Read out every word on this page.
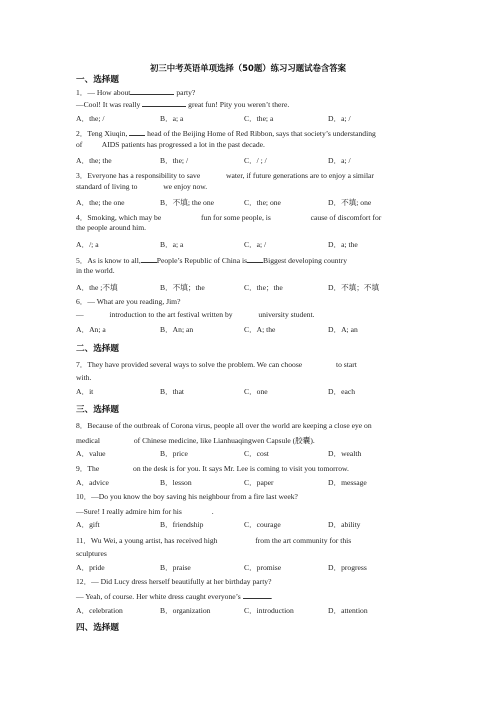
初三中考英语单项选择（50题）练习习题试卷含答案
一、选择题
1．— How about	party?
—Cool! It was really	great fun! Pity you weren’t there.
A．the; /	B．a; a	C．the; a	D．a; /
2．Teng Xiuqin,	head of the Beijing Home of Red Ribbon, says that society’s understanding
of	AIDS patients has progressed a lot in the past decade.
A．the; the	B．the; /	C．/ ; /	D．a; /
3．Everyone has a responsibility to save	water, if future generations are to enjoy a similar
standard of living to	we enjoy now.
A．the; the one	B．不填; the one	C．the; one	D．不填; one
4．Smoking, which may be	fun for some people, is	cause of discomfort for
the people around him.
A．/; a	B．a; a	C．a; /	D．a; the
5．As is know to all, People’s Republic of China is Biggest developing country
in the world.
A．the ;不填	B．不填；the	C．the；the	D．不填；不填
6．— What are you reading, Jim?
—	introduction to the art festival written by	university student.
A．An; a	B．An; an	C．A; the	D．A; an
二、选择题
7．They have provided several ways to solve the problem. We can choose	to start
with.
A．it	B．that	C．one	D．each
三、选择题
8．Because of the outbreak of Corona virus, people all over the world are keeping a close eye on
medical	of Chinese medicine, like Lianhuaqingwen Capsule (胶囊).
A．value	B．price	C．cost	D．wealth
9．The	on the desk is for you. It says Mr. Lee is coming to visit you tomorrow.
A．advice	B．lesson	C．paper	D．message
10．—Do you know the boy saving his neighbour from a fire last week?
—Sure! I really admire him for his	.
A．gift	B．friendship	C．courage	D．ability
11．Wu Wei, a young artist, has received high	from the art community for this
sculptures
A．pride	B．praise	C．promise	D．progress
12．— Did Lucy dress herself beautifully at her birthday party?
— Yeah, of course. Her white dress caught everyone’s	.
A．celebration	B．organization	C．introduction	D．attention
四、选择题
